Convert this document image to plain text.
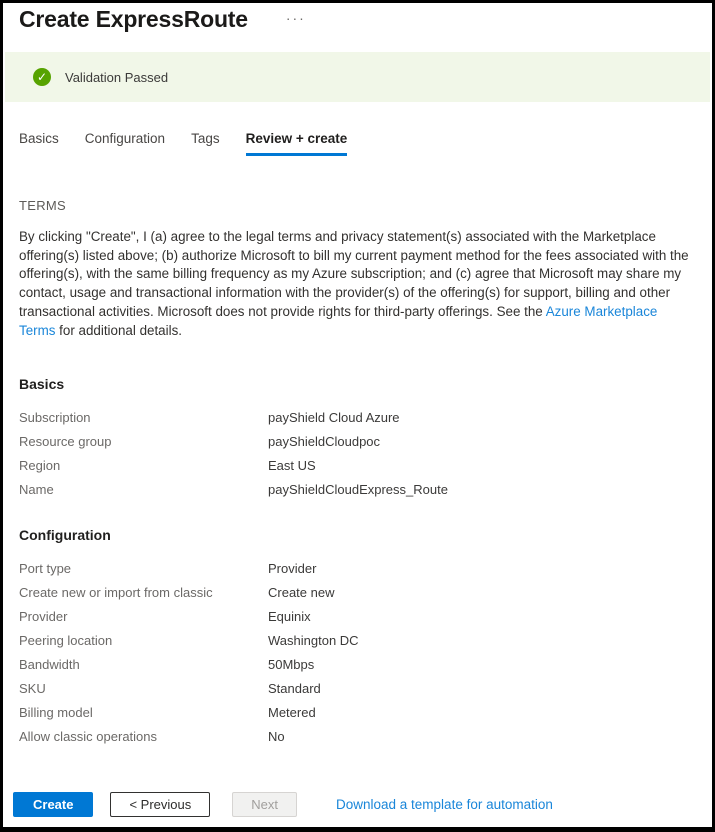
Create ExpressRoute	···
✓	Validation Passed
Basics Configuration Tags Review + create
TERMS

By clicking "Create", I (a) agree to the legal terms and privacy statement(s) associated with the Marketplace offering(s) listed above; (b) authorize Microsoft to bill my current payment method for the fees associated with the offering(s), with the same billing frequency as my Azure subscription; and (c) agree that Microsoft may share my contact, usage and transactional information with the provider(s) of the offering(s) for support, billing and other transactional activities. Microsoft does not provide rights for third-party offerings. See the Azure Marketplace Terms for additional details.

Basics
Subscription	payShield Cloud Azure
Resource group	payShieldCloudpoc
Region	East US
Name	payShieldCloudExpress_Route
Configuration
Port type	Provider
Create new or import from classic	Create new
Provider	Equinix
Peering location	Washington DC
Bandwidth	50Mbps
SKU	Standard
Billing model	Metered
Allow classic operations	No
Create	< Previous	Next	Download a template for automation
